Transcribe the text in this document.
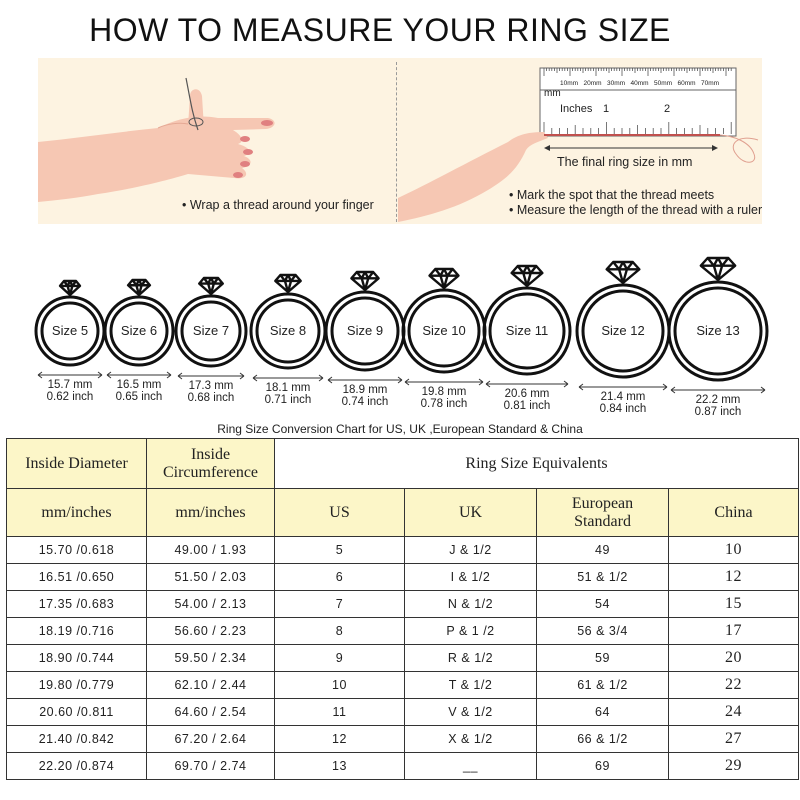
HOW TO MEASURE YOUR RING SIZE
mm
Inches 1	2
10mm 20mm 30mm 40mm 50mm 60mm 70mm
The final ring size in mm
• Wrap a thread around your finger
• Mark the spot that the thread meets
• Measure the length of the thread with a ruler
Size 5
15.7 mm
0.62 inch
Size 6
16.5 mm
0.65 inch
Size 7
17.3 mm
0.68 inch
Size 8
18.1 mm
0.71 inch
Size 9
18.9 mm
0.74 inch
Size 10
19.8 mm
0.78 inch
Size 11
20.6 mm
0.81 inch
Size 12
21.4 mm
0.84 inch
Size 13
22.2 mm
0.87 inch
Ring Size Conversion Chart for US, UK ,European Standard & China
Inside Diameter	Inside Circumference	Ring Size Equivalents			
mm/inches	mm/inches	US	UK	European Standard	China
15.70 /0.618	49.00 / 1.93	5	J & 1/2	49	10
16.51 /0.650	51.50 / 2.03	6	I & 1/2	51 & 1/2	12
17.35 /0.683	54.00 / 2.13	7	N & 1/2	54	15
18.19 /0.716	56.60 / 2.23	8	P & 1 /2	56 & 3/4	17
18.90 /0.744	59.50 / 2.34	9	R & 1/2	59	20
19.80 /0.779	62.10 / 2.44	10	T & 1/2	61 & 1/2	22
20.60 /0.811	64.60 / 2.54	11	V & 1/2	64	24
21.40 /0.842	67.20 / 2.64	12	X & 1/2	66 & 1/2	27
22.20 /0.874	69.70 / 2.74	13	__	69	29
